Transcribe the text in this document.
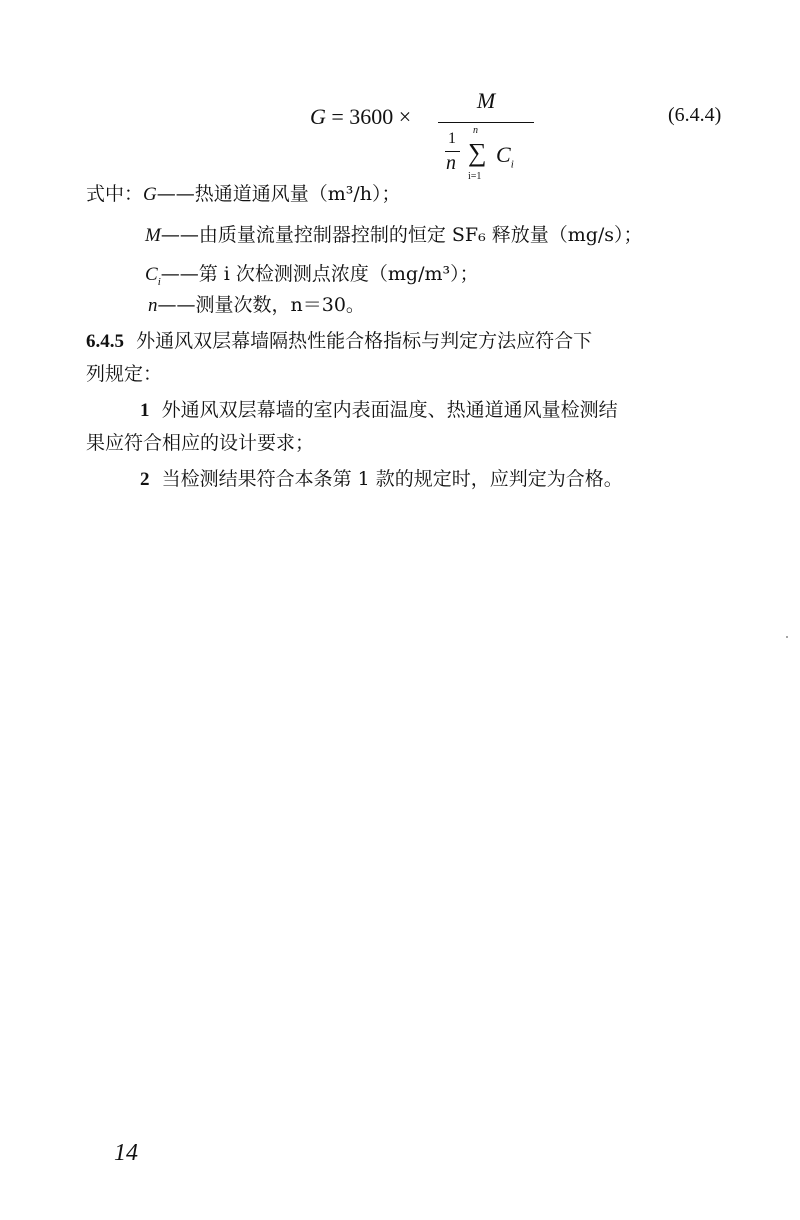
G = 3600 ×
M
1
n
n
∑
i=1
$C_i$
(6.4.4)
式中：G——热通道通风量（m³/h）；
M——由质量流量控制器控制的恒定 SF₆ 释放量（mg/s）；
$C_i——$第 i 次检测测点浓度（mg/m³）；
n——测量次数，n＝30。
6.4.5 外通风双层幕墙隔热性能合格指标与判定方法应符合下
列规定：
1 外通风双层幕墙的室内表面温度、热通道通风量检测结
果应符合相应的设计要求；
2 当检测结果符合本条第 1 款的规定时，应判定为合格。
14
